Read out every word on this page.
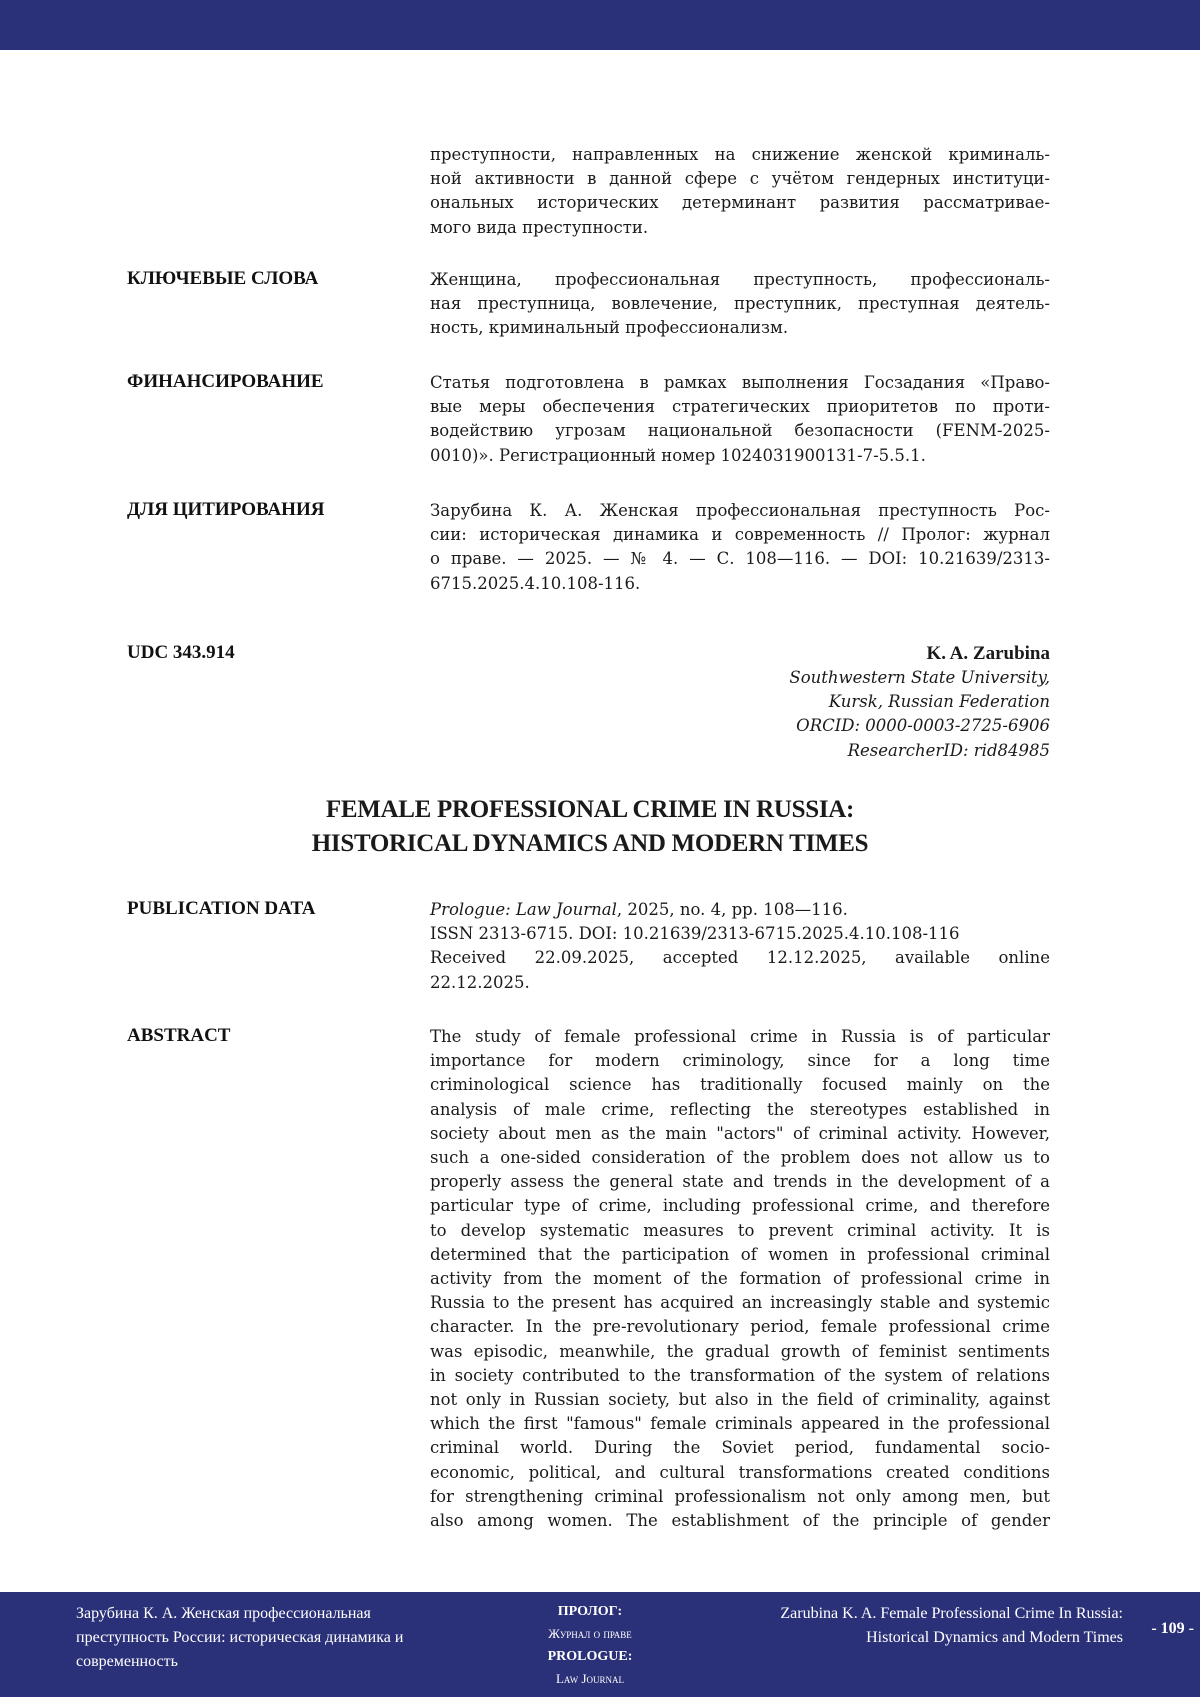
преступности, направленных на снижение женской криминаль-
ной активности в данной сфере с учётом гендерных институци-
ональных исторических детерминант развития рассматривае-
мого вида преступности.
КЛЮЧЕВЫЕ СЛОВА	Женщина, профессиональная преступность, профессиональ-
ная преступница, вовлечение, преступник, преступная деятель-
ность, криминальный профессионализм.
ФИНАНСИРОВАНИЕ	Статья подготовлена в рамках выполнения Госзадания «Право-
вые меры обеспечения стратегических приоритетов по проти-
водействию угрозам национальной безопасности (FENM-2025-
0010)». Регистрационный номер 1024031900131-7-5.5.1.
ДЛЯ ЦИТИРОВАНИЯ	Зарубина К. А. Женская профессиональная преступность Рос-
сии: историческая динамика и современность // Пролог: журнал
о праве. — 2025. — № 4. — С. 108—116. — DOI: 10.21639/2313-
6715.2025.4.10.108-116.
UDC 343.914	K. A. Zarubina
Southwestern State University,
Kursk, Russian Federation
ORCID: 0000-0003-2725-6906
ResearcherID: rid84985
FEMALE PROFESSIONAL CRIME IN RUSSIA:
HISTORICAL DYNAMICS AND MODERN TIMES
PUBLICATION DATA	Prologue: Law Journal, 2025, no. 4, pp. 108—116.
ISSN 2313-6715. DOI: 10.21639/2313-6715.2025.4.10.108-116
Received 22.09.2025, accepted 12.12.2025, available online
22.12.2025.
ABSTRACT	The study of female professional crime in Russia is of particular
importance for modern criminology, since for a long time
criminological science has traditionally focused mainly on the
analysis of male crime, reflecting the stereotypes established in
society about men as the main "actors" of criminal activity. However,
such a one-sided consideration of the problem does not allow us to
properly assess the general state and trends in the development of a
particular type of crime, including professional crime, and therefore
to develop systematic measures to prevent criminal activity. It is
determined that the participation of women in professional criminal
activity from the moment of the formation of professional crime in
Russia to the present has acquired an increasingly stable and systemic
character. In the pre-revolutionary period, female professional crime
was episodic, meanwhile, the gradual growth of feminist sentiments
in society contributed to the transformation of the system of relations
not only in Russian society, but also in the field of criminality, against
which the first "famous" female criminals appeared in the professional
criminal world. During the Soviet period, fundamental socio-
economic, political, and cultural transformations created conditions
for strengthening criminal professionalism not only among men, but
also among women. The establishment of the principle of gender
Зарубина К. А. Женская профессиональная
преступность России: историческая динамика и
современность
ПРОЛОГ:
Журнал о праве
PROLOGUE:
Law Journal
Zarubina K. A. Female Professional Crime In Russia:
Historical Dynamics and Modern Times
- 109 -
